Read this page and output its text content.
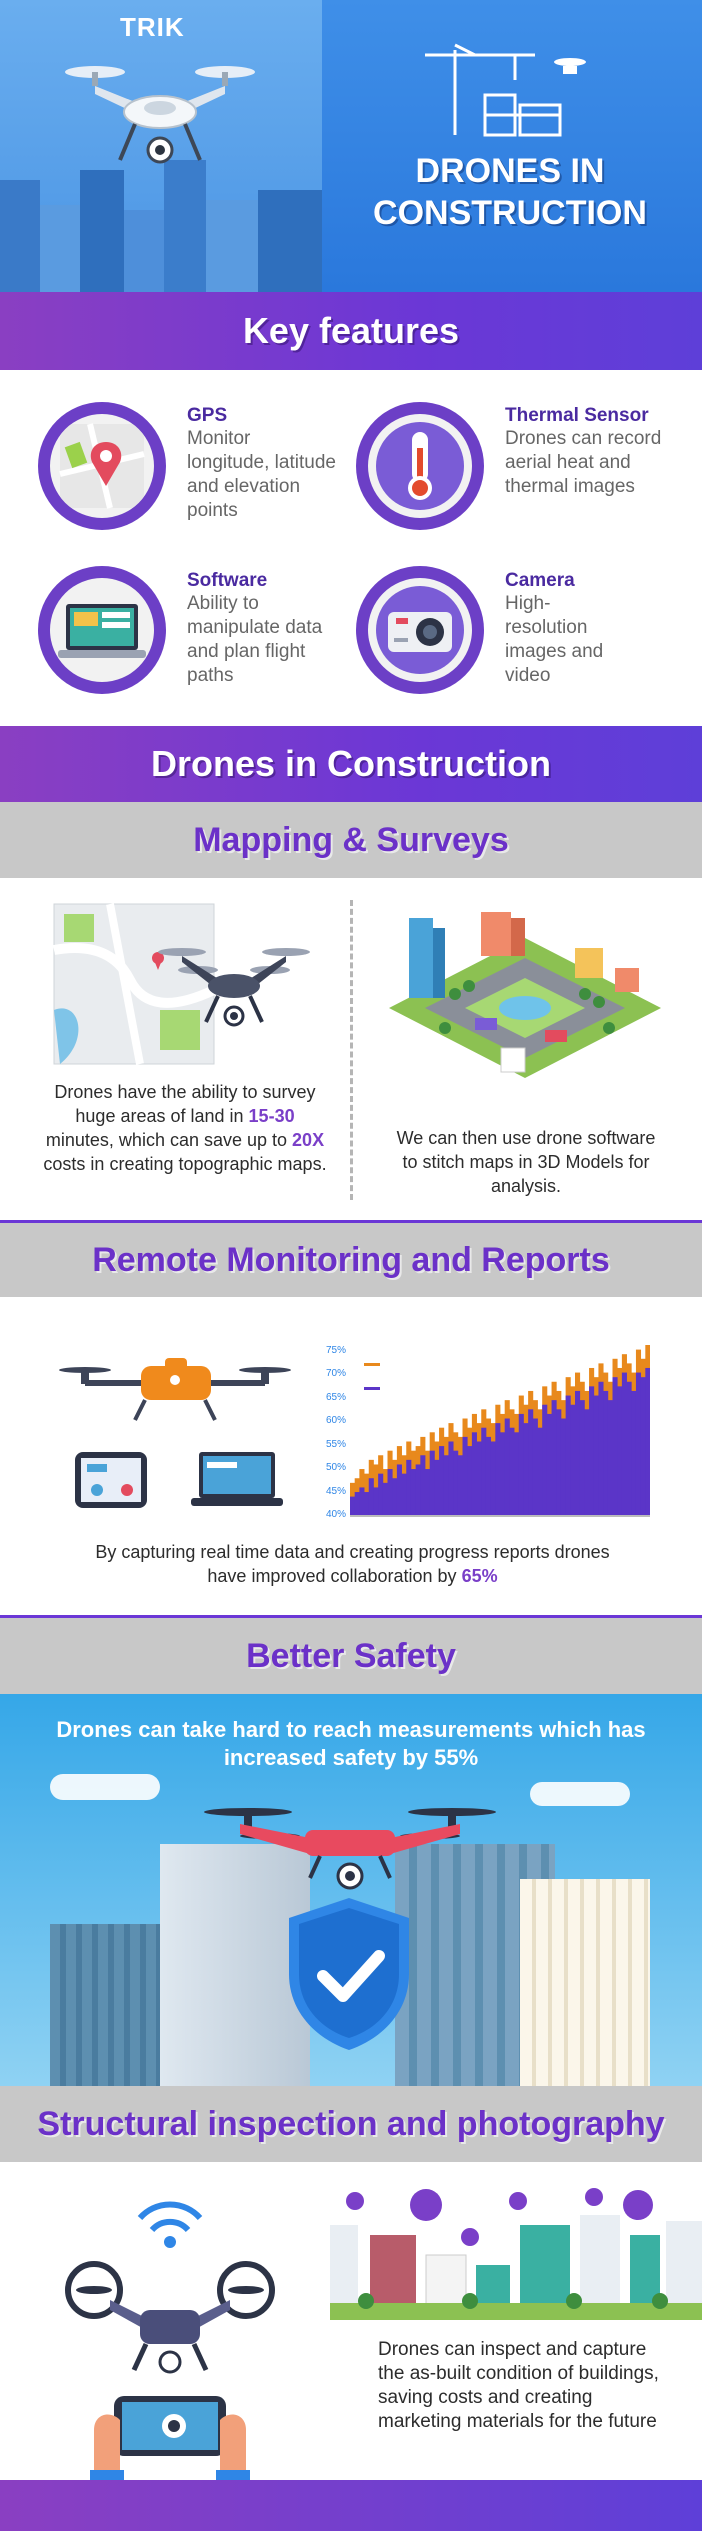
TRIK
DRONES IN
CONSTRUCTION
Key features
GPS
Monitor longitude, latitude and elevation points
Thermal Sensor
Drones can record aerial heat and thermal images
Software
Ability to manipulate data and plan flight paths
Camera
High-resolution images and video
Drones in Construction
Mapping & Surveys
Drones have the ability to survey huge areas of land in 15-30 minutes, which can save up to 20X costs in creating topographic maps.
We can then use drone software to stitch maps in 3D Models for analysis.
Remote Monitoring and Reports
75%
70%
65%
60%
55%
50%
45%
40%
By capturing real time data and creating progress reports drones have improved collaboration by 65%
Better Safety
Drones can take hard to reach measurements which has increased safety by 55%
Structural inspection and photography
Drones can inspect and capture the as-built condition of buildings, saving costs and creating marketing materials for the future
